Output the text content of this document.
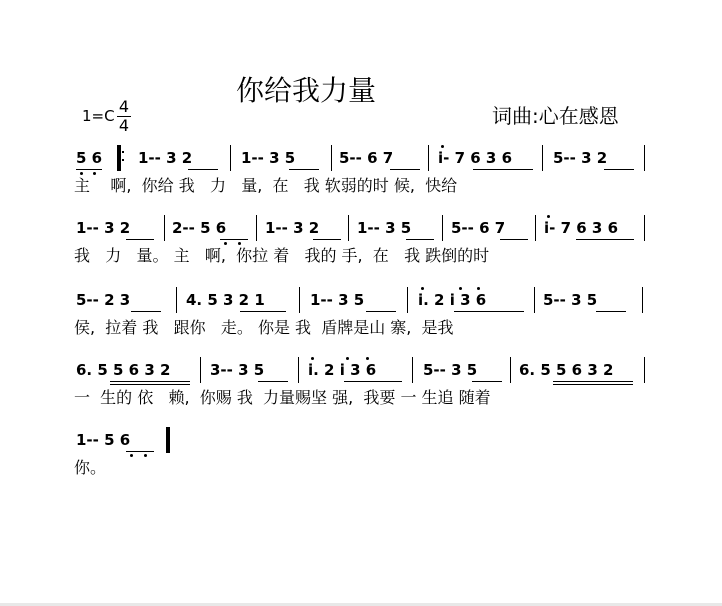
你给我力量
1=C 4
4	词曲:心在感恩
5 6 1-- 3 2	1-- 3 5	5-- 6 7	i- 7 6 3 6	5-- 3 2
主    啊,  你给 我   力   量,  在   我 软弱的时 候,  快给
1-- 3 2	2-- 5 6	1-- 3 2	1-- 3 5	5-- 6 7	i- 7 6 3 6
我   力   量。 主   啊,  你拉 着   我的 手,  在   我 跌倒的时
5-- 2 3	4. 5 3 2 1	1-- 3 5	i. 2 i 3 6	5-- 3 5
侯,  拉着 我   跟你   走。 你是 我  盾牌是山 寨,  是我
6. 5 5 6 3 2	3-- 3 5	i. 2 i 3 6	5-- 3 5	6. 5 5 6 3 2
一  生的 依   赖,  你赐 我  力量赐坚 强,  我要 一 生追 随着
1-- 5 6
你。
